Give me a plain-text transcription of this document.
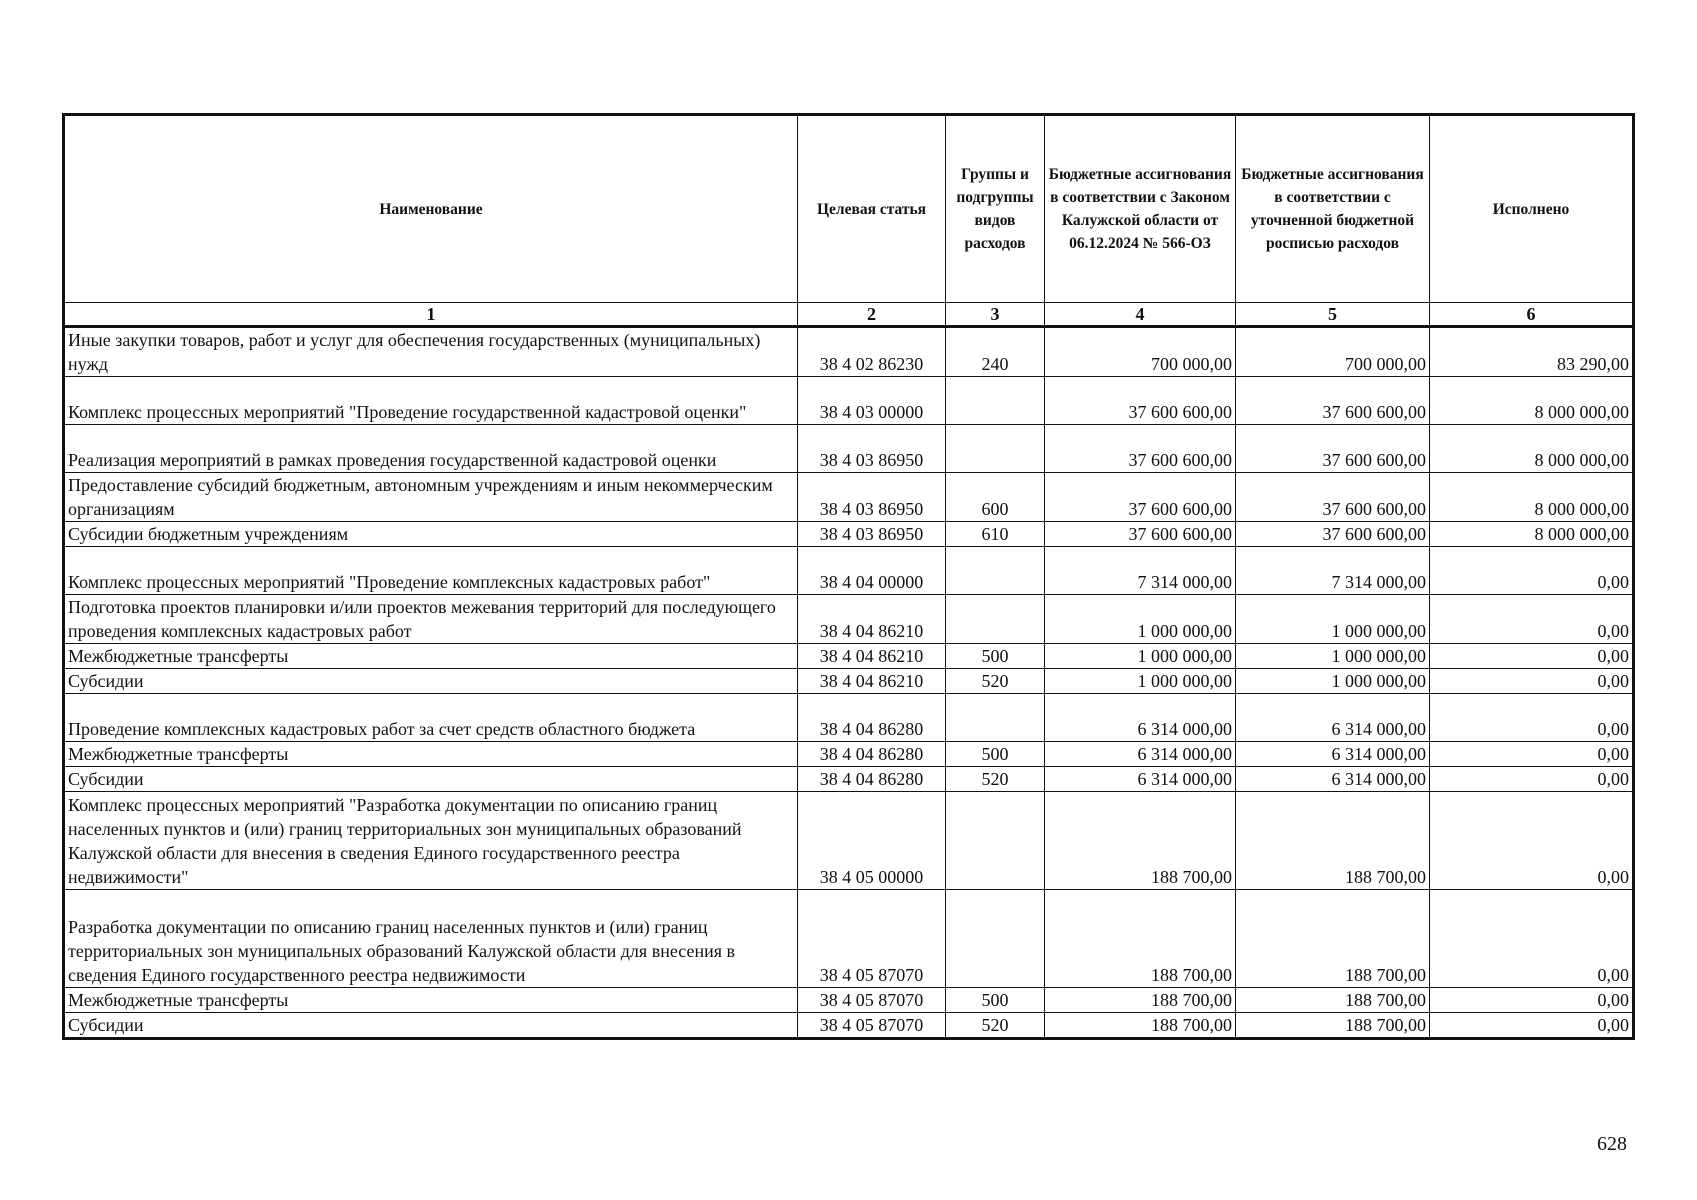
Наименование	Целевая статья	Группы и подгруппы видов расходов	Бюджетные ассигнования в соответствии с Законом Калужской области от 06.12.2024 № 566-ОЗ	Бюджетные ассигнования в соответствии с уточненной бюджетной росписью расходов	Исполнено
1	2	3	4	5	6
Иные закупки товаров, работ и услуг для обеспечения государственных (муниципальных) нужд	38 4 02 86230	240	700 000,00	700 000,00	83 290,00
Комплекс процессных мероприятий "Проведение государственной кадастровой оценки"	38 4 03 00000		37 600 600,00	37 600 600,00	8 000 000,00
Реализация мероприятий в рамках проведения государственной кадастровой оценки	38 4 03 86950		37 600 600,00	37 600 600,00	8 000 000,00
Предоставление субсидий бюджетным, автономным учреждениям и иным некоммерческим организациям	38 4 03 86950	600	37 600 600,00	37 600 600,00	8 000 000,00
Субсидии бюджетным учреждениям	38 4 03 86950	610	37 600 600,00	37 600 600,00	8 000 000,00
Комплекс процессных мероприятий "Проведение комплексных кадастровых работ"	38 4 04 00000		7 314 000,00	7 314 000,00	0,00
Подготовка проектов планировки и/или проектов межевания территорий для последующего проведения комплексных кадастровых работ	38 4 04 86210		1 000 000,00	1 000 000,00	0,00
Межбюджетные трансферты	38 4 04 86210	500	1 000 000,00	1 000 000,00	0,00
Субсидии	38 4 04 86210	520	1 000 000,00	1 000 000,00	0,00
Проведение комплексных кадастровых работ за счет средств областного бюджета	38 4 04 86280		6 314 000,00	6 314 000,00	0,00
Межбюджетные трансферты	38 4 04 86280	500	6 314 000,00	6 314 000,00	0,00
Субсидии	38 4 04 86280	520	6 314 000,00	6 314 000,00	0,00
Комплекс процессных мероприятий "Разработка документации по описанию границ населенных пунктов и (или) границ территориальных зон муниципальных образований Калужской области для внесения в сведения Единого государственного реестра недвижимости"	38 4 05 00000		188 700,00	188 700,00	0,00
Разработка документации по описанию границ населенных пунктов и (или) границ территориальных зон муниципальных образований Калужской области для внесения в сведения Единого государственного реестра недвижимости	38 4 05 87070		188 700,00	188 700,00	0,00
Межбюджетные трансферты	38 4 05 87070	500	188 700,00	188 700,00	0,00
Субсидии	38 4 05 87070	520	188 700,00	188 700,00	0,00
628
